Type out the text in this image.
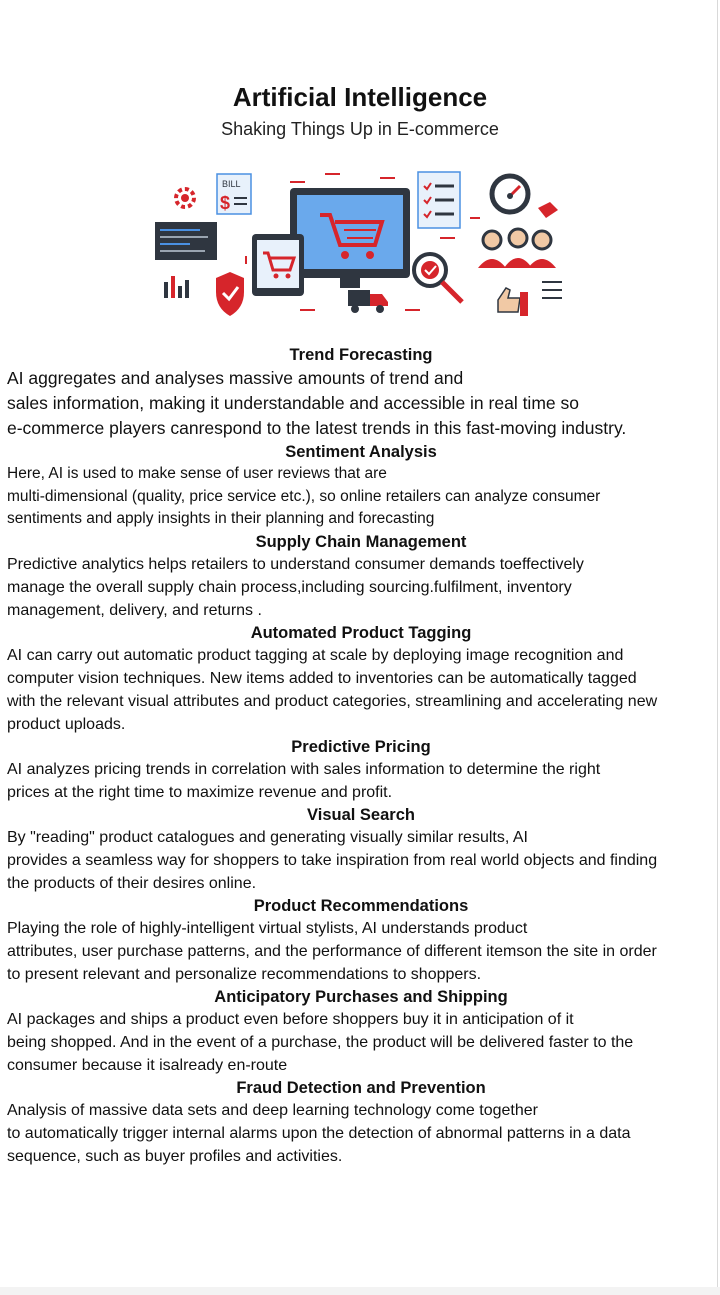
Artificial Intelligence
Shaking Things Up in E-commerce
BILL
$
Trend Forecasting
AI aggregates and analyses massive amounts of trend and
sales information, making it understandable and accessible in real time so
e-commerce players canrespond to the latest trends in this fast-moving industry.
Sentiment Analysis
Here, AI is used to make sense of user reviews that are
multi-dimensional (quality, price service etc.), so online retailers can analyze consumer
sentiments and apply insights in their planning and forecasting
Supply Chain Management
Predictive analytics helps retailers to understand consumer demands toeffectively
manage the overall supply chain process,including sourcing.fulfilment, inventory
management, delivery, and returns .
Automated Product Tagging
AI can carry out automatic product tagging at scale by deploying image recognition and
computer vision techniques. New items added to inventories can be automatically tagged
with the relevant visual attributes and product categories, streamlining and accelerating new
product uploads.
Predictive Pricing
AI analyzes pricing trends in correlation with sales information to determine the right
prices at the right time to maximize revenue and profit.
Visual Search
By "reading" product catalogues and generating visually similar results, AI
provides a seamless way for shoppers to take inspiration from real world objects and finding
the products of their desires online.
Product Recommendations
Playing the role of highly-intelligent virtual stylists, AI understands product
attributes, user purchase patterns, and the performance of different itemson the site in order
to present relevant and personalize recommendations to shoppers.
Anticipatory Purchases and Shipping
AI packages and ships a product even before shoppers buy it in anticipation of it
being shopped. And in the event of a purchase, the product will be delivered faster to the
consumer because it isalready en-route
Fraud Detection and Prevention
Analysis of massive data sets and deep learning technology come together
to automatically trigger internal alarms upon the detection of abnormal patterns in a data
sequence, such as buyer profiles and activities.
